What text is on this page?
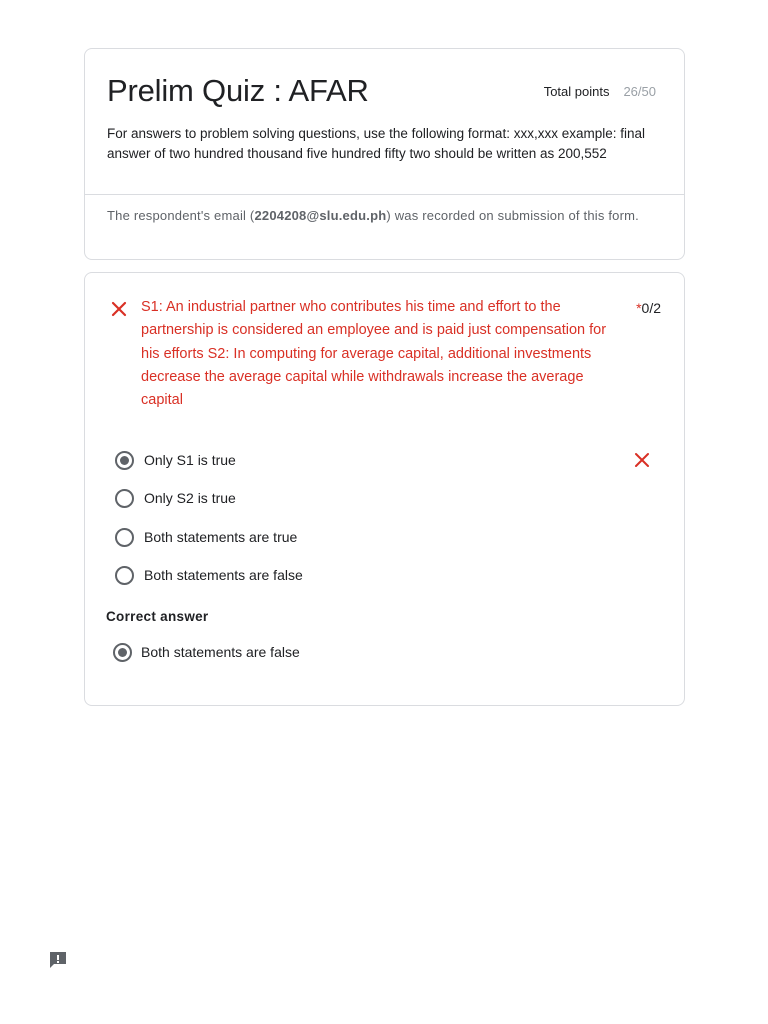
Prelim Quiz : AFAR	Total points 26/50
For answers to problem solving questions, use the following format: xxx,xxx example: final answer of two hundred thousand five hundred fifty two should be written as 200,552
The respondent's email (2204208@slu.edu.ph) was recorded on submission of this form.
S1: An industrial partner who contributes his time and effort to the partnership is considered an employee and is paid just compensation for his efforts S2: In computing for average capital, additional investments decrease the average capital while withdrawals increase the average capital
*0/2
Only S1 is true
Only S2 is true
Both statements are true
Both statements are false
Correct answer
Both statements are false
